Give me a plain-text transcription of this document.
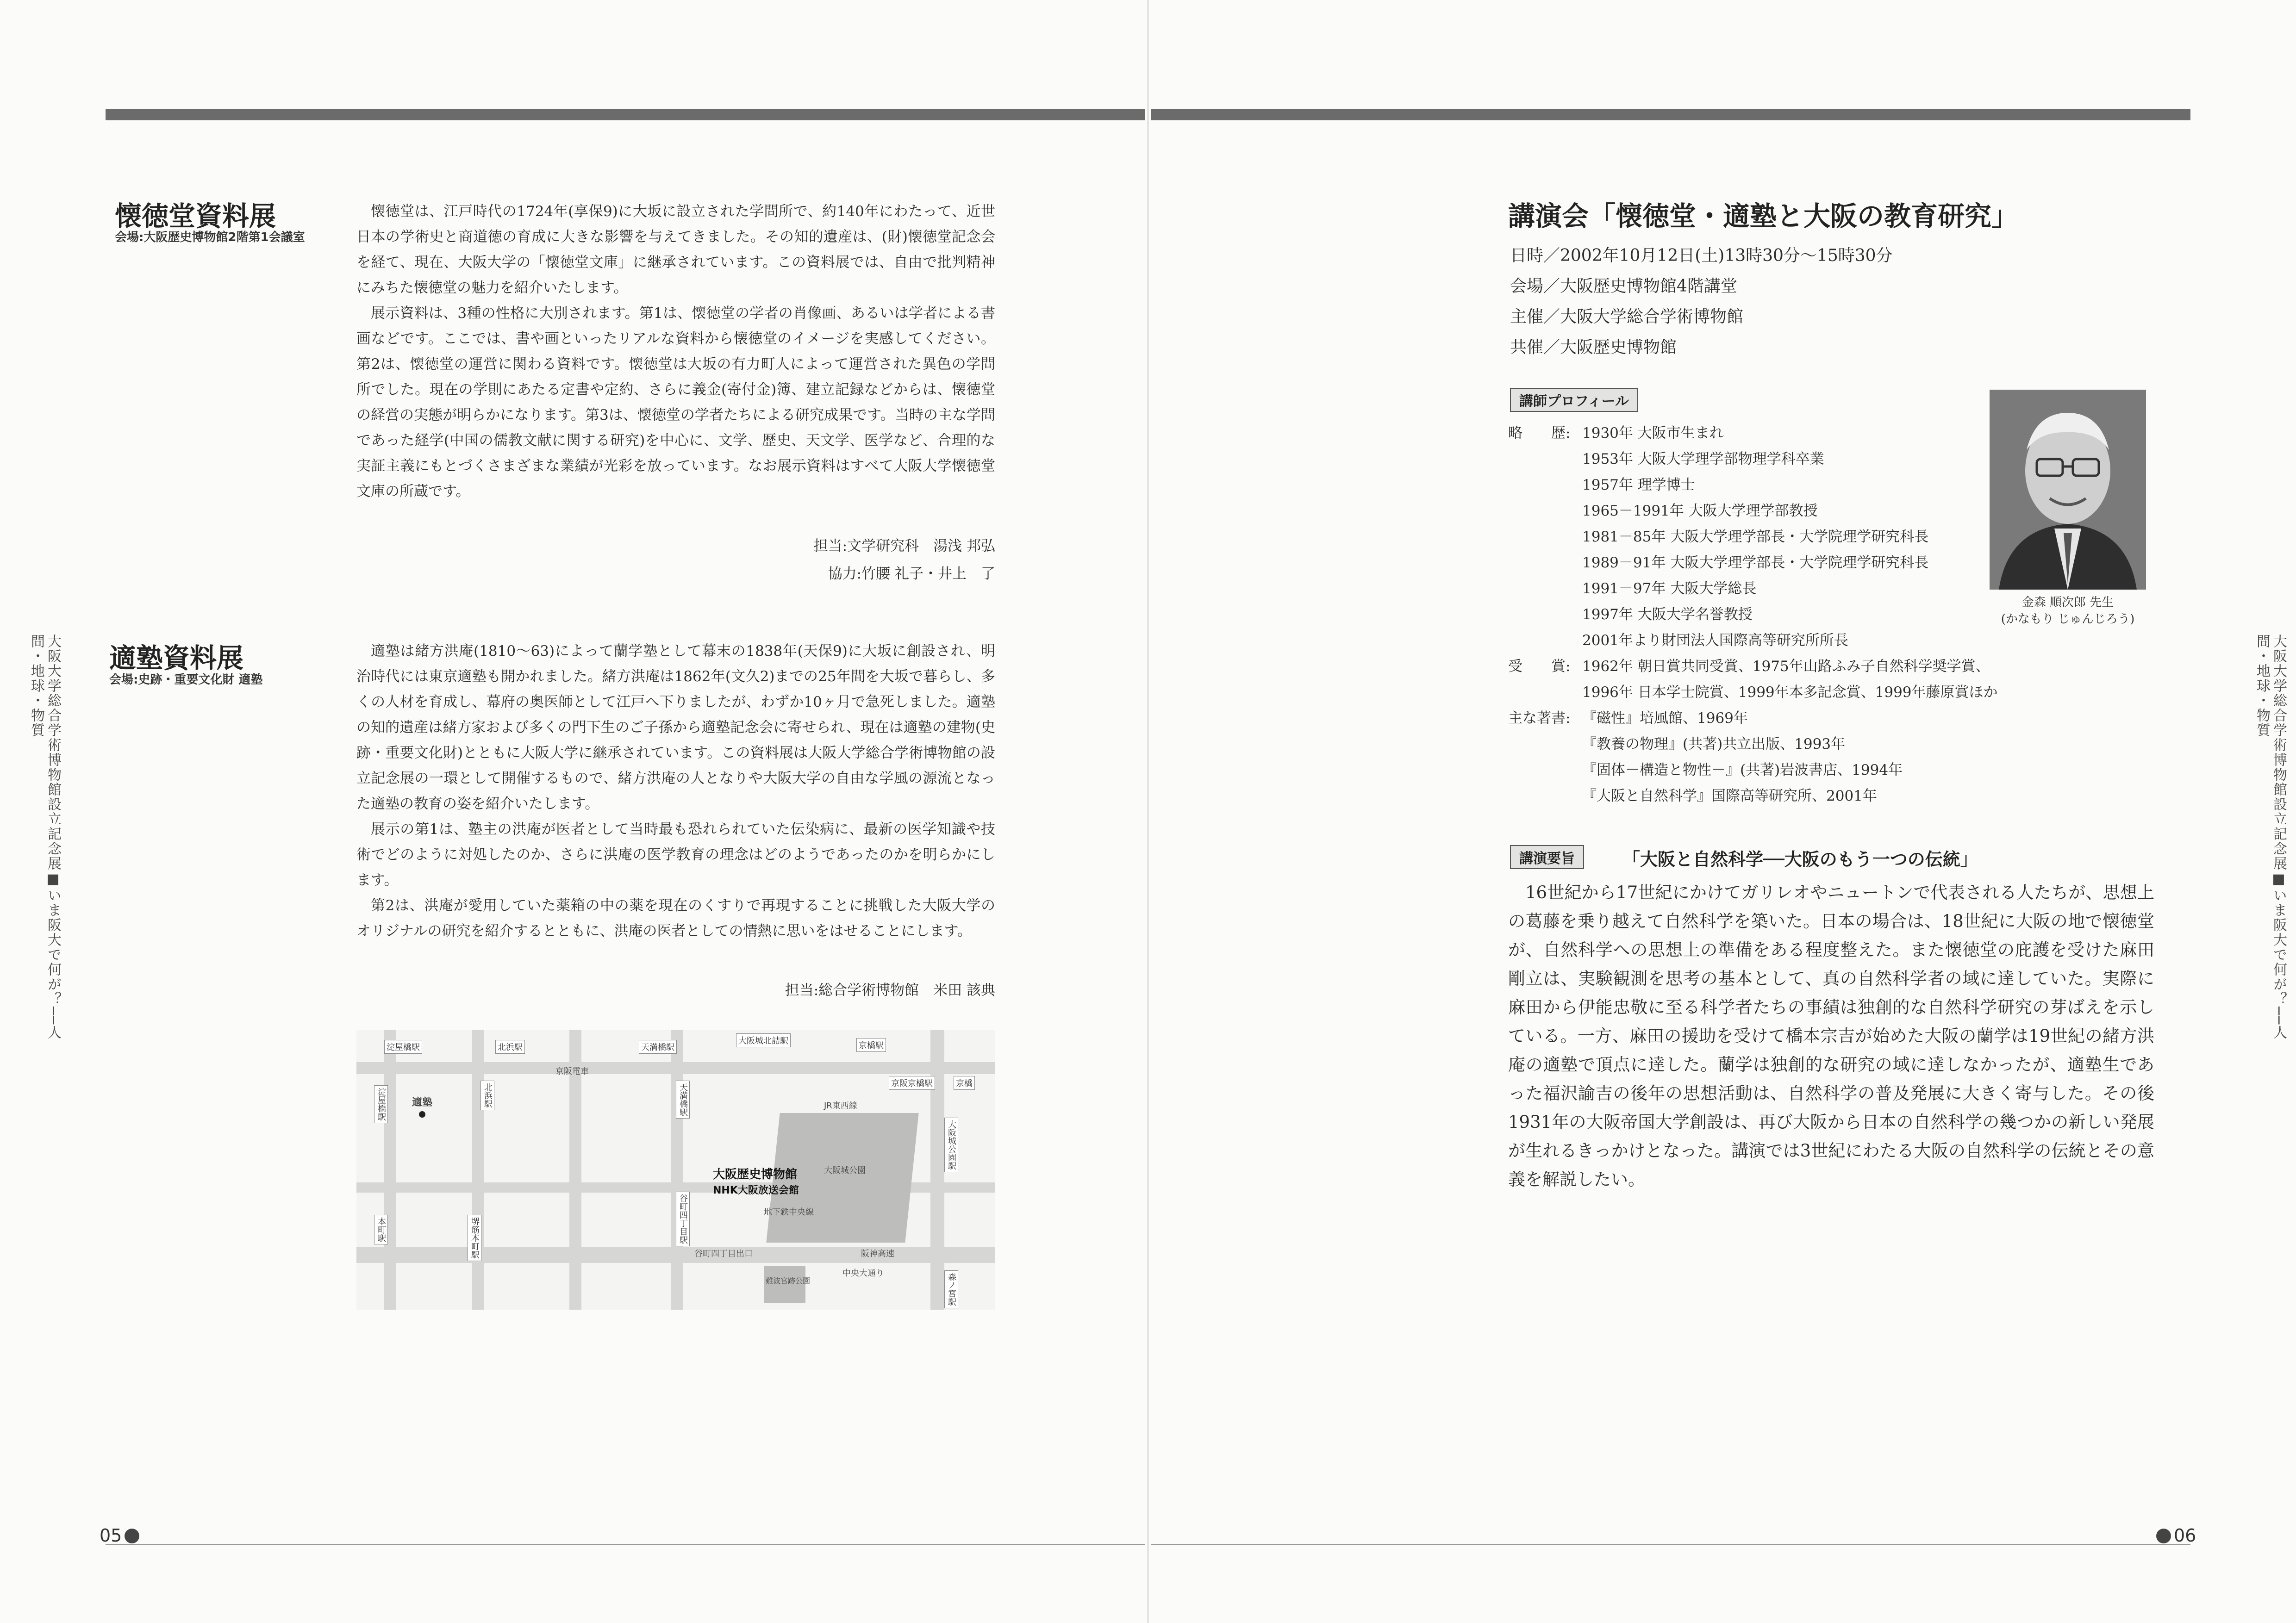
05	06
大阪大学総合学術博物館設立記念展■いま阪大で何が？──人間・地球・物質	大阪大学総合学術博物館設立記念展■いま阪大で何が？──人間・地球・物質
懐徳堂資料展
会場:大阪歴史博物館2階第1会議室

懐徳堂は、江戸時代の1724年(享保9)に大坂に設立された学問所で、約140年にわたって、近世日本の学術史と商道徳の育成に大きな影響を与えてきました。その知的遺産は、(財)懐徳堂記念会を経て、現在、大阪大学の「懐徳堂文庫」に継承されています。この資料展では、自由で批判精神にみちた懐徳堂の魅力を紹介いたします。

展示資料は、3種の性格に大別されます。第1は、懐徳堂の学者の肖像画、あるいは学者による書画などです。ここでは、書や画といったリアルな資料から懐徳堂のイメージを実感してください。第2は、懐徳堂の運営に関わる資料です。懐徳堂は大坂の有力町人によって運営された異色の学問所でした。現在の学則にあたる定書や定約、さらに義金(寄付金)簿、建立記録などからは、懐徳堂の経営の実態が明らかになります。第3は、懐徳堂の学者たちによる研究成果です。当時の主な学問であった経学(中国の儒教文献に関する研究)を中心に、文学、歴史、天文学、医学など、合理的な実証主義にもとづくさまざまな業績が光彩を放っています。なお展示資料はすべて大阪大学懐徳堂文庫の所蔵です。

担当:文学研究科　湯浅 邦弘
協力:竹腰 礼子・井上　了
適塾資料展
会場:史跡・重要文化財 適塾

適塾は緒方洪庵(1810〜63)によって蘭学塾として幕末の1838年(天保9)に大坂に創設され、明治時代には東京適塾も開かれました。緒方洪庵は1862年(文久2)までの25年間を大坂で暮らし、多くの人材を育成し、幕府の奥医師として江戸へ下りましたが、わずか10ヶ月で急死しました。適塾の知的遺産は緒方家および多くの門下生のご子孫から適塾記念会に寄せられ、現在は適塾の建物(史跡・重要文化財)とともに大阪大学に継承されています。この資料展は大阪大学総合学術博物館の設立記念展の一環として開催するもので、緒方洪庵の人となりや大阪大学の自由な学風の源流となった適塾の教育の姿を紹介いたします。

展示の第1は、塾主の洪庵が医者として当時最も恐れられていた伝染病に、最新の医学知識や技術でどのように対処したのか、さらに洪庵の医学教育の理念はどのようであったのかを明らかにします。

第2は、洪庵が愛用していた薬箱の中の薬を現在のくすりで再現することに挑戦した大阪大学のオリジナルの研究を紹介するとともに、洪庵の医者としての情熱に思いをはせることにします。

担当:総合学術博物館　米田 該典
大阪城公園
淀屋橋駅	北浜駅	天満橋駅
大阪城北詰駅	京橋駅
京阪京橋駅	京橋
京阪電車
JR東西線
淀屋橋駅	北浜駅
本町駅	堺筋本町駅
天満橋駅
谷町四丁目駅
大阪城公園駅
森ノ宮駅
適塾
大阪歴史博物館
NHK大阪放送会館
地下鉄中央線
谷町四丁目出口	阪神高速
中央大通り
難波宮跡公園
講演会「懐徳堂・適塾と大阪の教育研究」
日時／2002年10月12日(土)13時30分〜15時30分
会場／大阪歴史博物館4階講堂
主催／大阪大学総合学術博物館
共催／大阪歴史博物館
講師プロフィール
略　　歴: 1930年 大阪市生まれ
1953年 大阪大学理学部物理学科卒業
1957年 理学博士
1965－1991年 大阪大学理学部教授
1981－85年 大阪大学理学部長・大学院理学研究科長
1989－91年 大阪大学理学部長・大学院理学研究科長
1991－97年 大阪大学総長
1997年 大阪大学名誉教授
2001年より財団法人国際高等研究所所長
受　　賞: 1962年 朝日賞共同受賞、1975年山路ふみ子自然科学奨学賞、
1996年 日本学士院賞、1999年本多記念賞、1999年藤原賞ほか
主な著書: 『磁性』培風館、1969年
『教養の物理』(共著)共立出版、1993年
『固体－構造と物性－』(共著)岩波書店、1994年
『大阪と自然科学』国際高等研究所、2001年
金森 順次郎 先生
(かなもり じゅんじろう)
講演要旨	「大阪と自然科学──大阪のもう一つの伝統」

16世紀から17世紀にかけてガリレオやニュートンで代表される人たちが、思想上の葛藤を乗り越えて自然科学を築いた。日本の場合は、18世紀に大阪の地で懐徳堂が、自然科学への思想上の準備をある程度整えた。また懐徳堂の庇護を受けた麻田剛立は、実験観測を思考の基本として、真の自然科学者の域に達していた。実際に麻田から伊能忠敬に至る科学者たちの事績は独創的な自然科学研究の芽ばえを示している。一方、麻田の援助を受けて橋本宗吉が始めた大阪の蘭学は19世紀の緒方洪庵の適塾で頂点に達した。蘭学は独創的な研究の域に達しなかったが、適塾生であった福沢諭吉の後年の思想活動は、自然科学の普及発展に大きく寄与した。その後1931年の大阪帝国大学創設は、再び大阪から日本の自然科学の幾つかの新しい発展が生れるきっかけとなった。講演では3世紀にわたる大阪の自然科学の伝統とその意義を解説したい。
